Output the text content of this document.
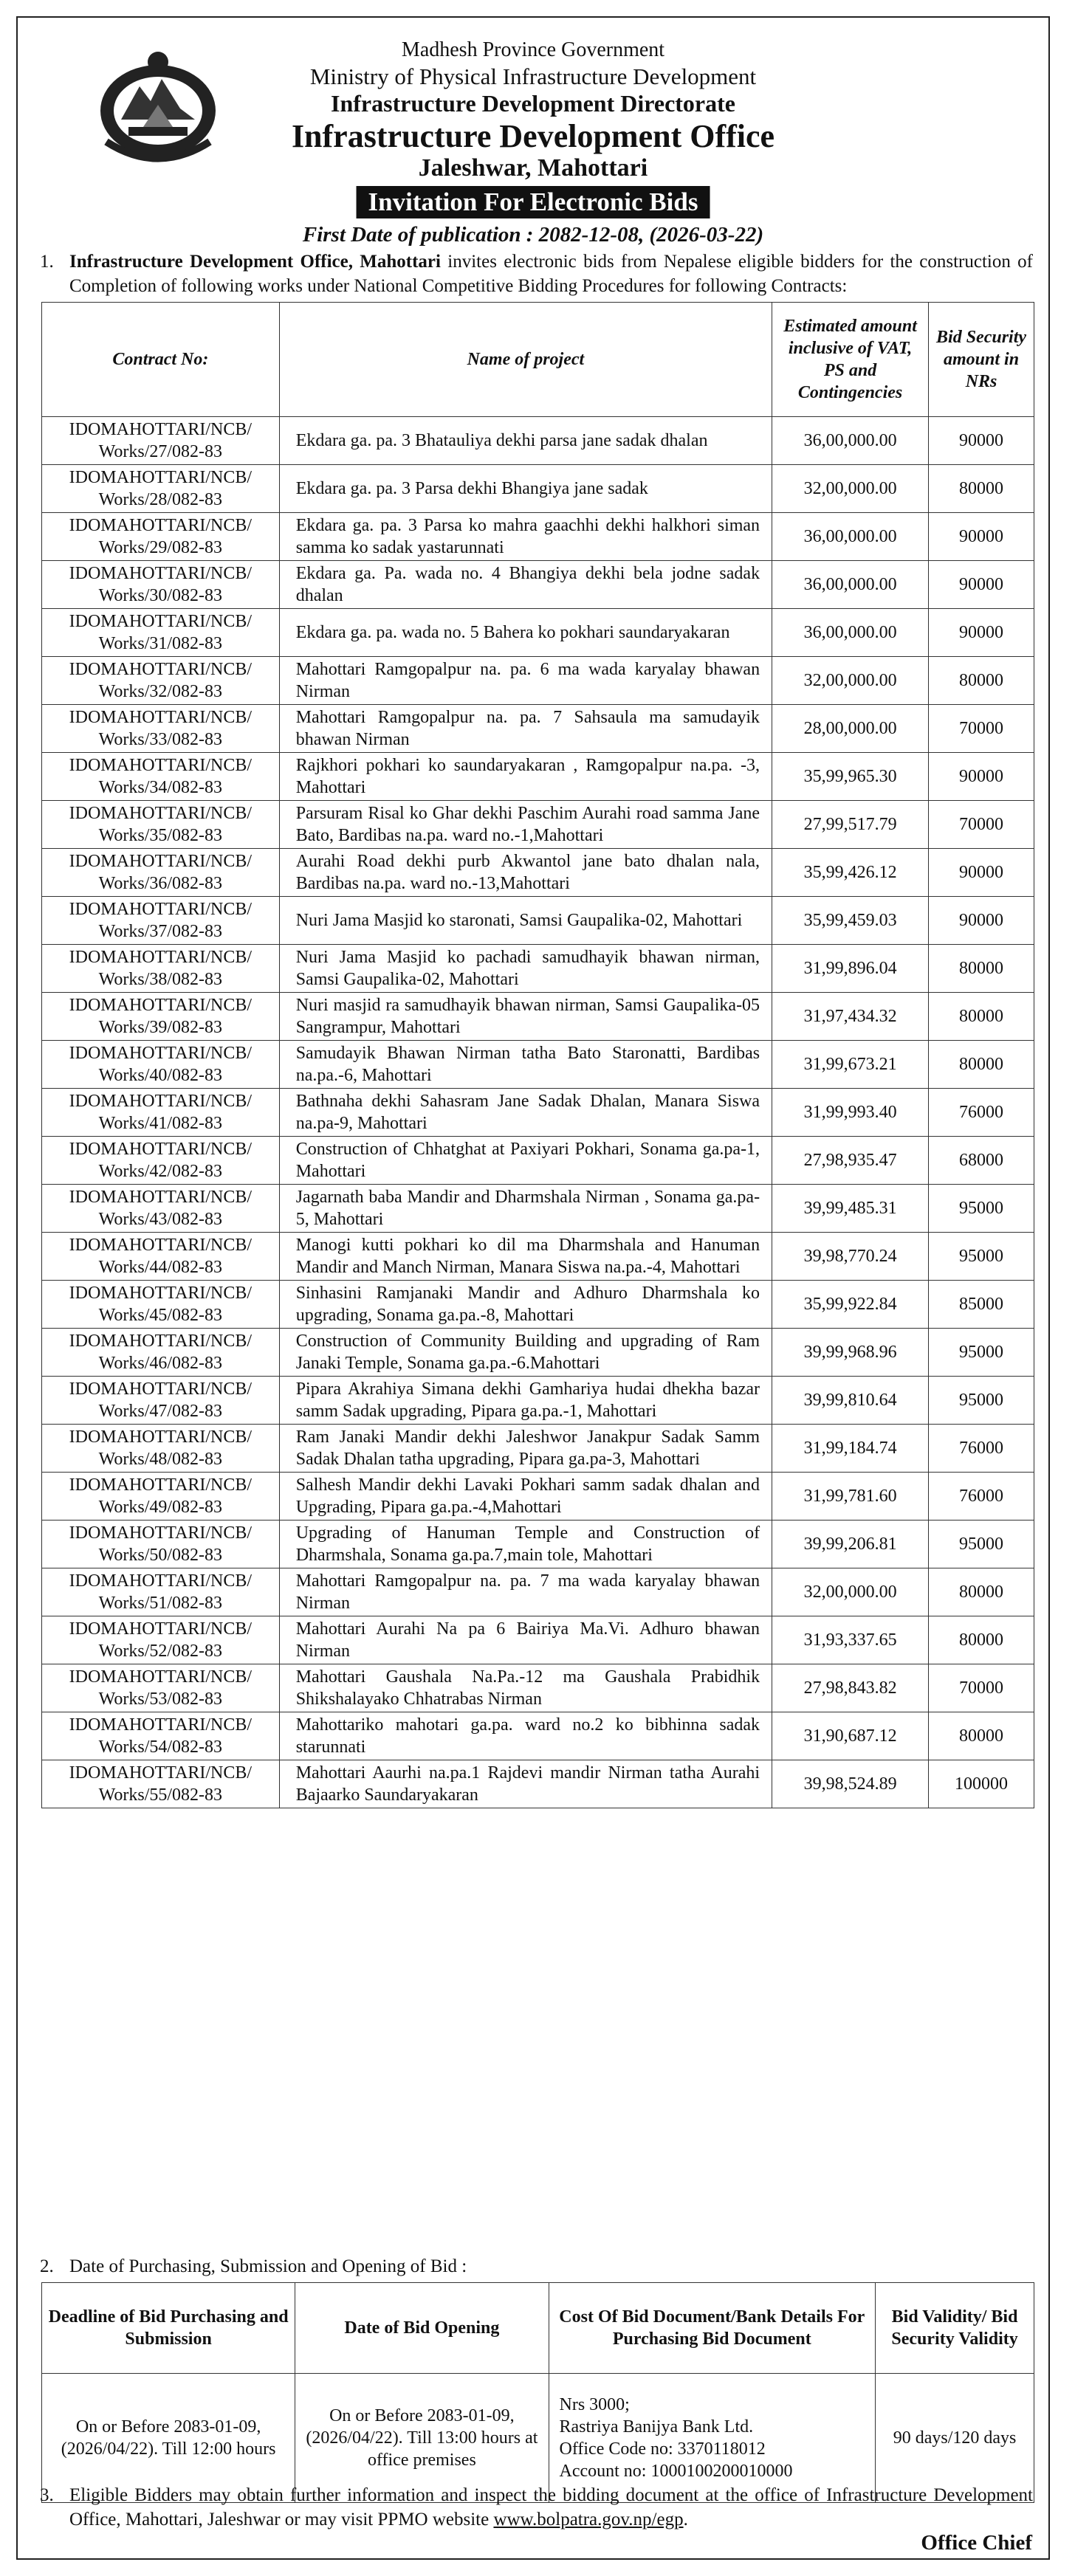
Madhesh Province Government
Ministry of Physical Infrastructure Development
Infrastructure Development Directorate
Infrastructure Development Office
Jaleshwar, Mahottari
Invitation For Electronic Bids
First Date of publication : 2082-12-08, (2026-03-22)
1. Infrastructure Development Office, Mahottari invites electronic bids from Nepalese eligible bidders for the construction of Completion of following works under National Competitive Bidding Procedures for following Contracts:
Contract No:	Name of project	Estimated amount inclusive of VAT, PS and Contingencies	Bid Security amount in NRs
IDOMAHOTTARI/NCB/ Works/27/082-83	Ekdara ga. pa. 3 Bhatauliya dekhi parsa jane sadak dhalan	36,00,000.00	90000
IDOMAHOTTARI/NCB/ Works/28/082-83	Ekdara ga. pa. 3 Parsa dekhi Bhangiya jane sadak	32,00,000.00	80000
IDOMAHOTTARI/NCB/ Works/29/082-83	Ekdara ga. pa. 3 Parsa ko mahra gaachhi dekhi halkhori siman samma ko sadak yastarunnati	36,00,000.00	90000
IDOMAHOTTARI/NCB/ Works/30/082-83	Ekdara ga. Pa. wada no. 4 Bhangiya dekhi bela jodne sadak dhalan	36,00,000.00	90000
IDOMAHOTTARI/NCB/ Works/31/082-83	Ekdara ga. pa. wada no. 5 Bahera ko pokhari saundaryakaran	36,00,000.00	90000
IDOMAHOTTARI/NCB/ Works/32/082-83	Mahottari Ramgopalpur na. pa. 6 ma wada karyalay bhawan Nirman	32,00,000.00	80000
IDOMAHOTTARI/NCB/ Works/33/082-83	Mahottari Ramgopalpur na. pa. 7 Sahsaula ma samudayik bhawan Nirman	28,00,000.00	70000
IDOMAHOTTARI/NCB/ Works/34/082-83	Rajkhori pokhari ko saundaryakaran , Ramgopalpur na.pa. -3, Mahottari	35,99,965.30	90000
IDOMAHOTTARI/NCB/ Works/35/082-83	Parsuram Risal ko Ghar dekhi Paschim Aurahi road samma Jane Bato, Bardibas na.pa. ward no.-1,Mahottari	27,99,517.79	70000
IDOMAHOTTARI/NCB/ Works/36/082-83	Aurahi Road dekhi purb Akwantol jane bato dhalan nala, Bardibas na.pa. ward no.-13,Mahottari	35,99,426.12	90000
IDOMAHOTTARI/NCB/ Works/37/082-83	Nuri Jama Masjid ko staronati, Samsi Gaupalika-02, Mahottari	35,99,459.03	90000
IDOMAHOTTARI/NCB/ Works/38/082-83	Nuri Jama Masjid ko pachadi samudhayik bhawan nirman, Samsi Gaupalika-02, Mahottari	31,99,896.04	80000
IDOMAHOTTARI/NCB/ Works/39/082-83	Nuri masjid ra samudhayik bhawan nirman, Samsi Gaupalika-05 Sangrampur, Mahottari	31,97,434.32	80000
IDOMAHOTTARI/NCB/ Works/40/082-83	Samudayik Bhawan Nirman tatha Bato Staronatti, Bardibas na.pa.-6, Mahottari	31,99,673.21	80000
IDOMAHOTTARI/NCB/ Works/41/082-83	Bathnaha dekhi Sahasram Jane Sadak Dhalan, Manara Siswa na.pa-9, Mahottari	31,99,993.40	76000
IDOMAHOTTARI/NCB/ Works/42/082-83	Construction of Chhatghat at Paxiyari Pokhari, Sonama ga.pa-1, Mahottari	27,98,935.47	68000
IDOMAHOTTARI/NCB/ Works/43/082-83	Jagarnath baba Mandir and Dharmshala Nirman , Sonama ga.pa-5, Mahottari	39,99,485.31	95000
IDOMAHOTTARI/NCB/ Works/44/082-83	Manogi kutti pokhari ko dil ma Dharmshala and Hanuman Mandir and Manch Nirman, Manara Siswa na.pa.-4, Mahottari	39,98,770.24	95000
IDOMAHOTTARI/NCB/ Works/45/082-83	Sinhasini Ramjanaki Mandir and Adhuro Dharmshala ko upgrading, Sonama ga.pa.-8, Mahottari	35,99,922.84	85000
IDOMAHOTTARI/NCB/ Works/46/082-83	Construction of Community Building and upgrading of Ram Janaki Temple, Sonama ga.pa.-6.Mahottari	39,99,968.96	95000
IDOMAHOTTARI/NCB/ Works/47/082-83	Pipara Akrahiya Simana dekhi Gamhariya hudai dhekha bazar samm Sadak upgrading, Pipara ga.pa.-1, Mahottari	39,99,810.64	95000
IDOMAHOTTARI/NCB/ Works/48/082-83	Ram Janaki Mandir dekhi Jaleshwor Janakpur Sadak Samm Sadak Dhalan tatha upgrading, Pipara ga.pa-3, Mahottari	31,99,184.74	76000
IDOMAHOTTARI/NCB/ Works/49/082-83	Salhesh Mandir dekhi Lavaki Pokhari samm sadak dhalan and Upgrading, Pipara ga.pa.-4,Mahottari	31,99,781.60	76000
IDOMAHOTTARI/NCB/ Works/50/082-83	Upgrading of Hanuman Temple and Construction of Dharmshala, Sonama ga.pa.7,main tole, Mahottari	39,99,206.81	95000
IDOMAHOTTARI/NCB/ Works/51/082-83	Mahottari Ramgopalpur na. pa. 7 ma wada karyalay bhawan Nirman	32,00,000.00	80000
IDOMAHOTTARI/NCB/ Works/52/082-83	Mahottari Aurahi Na pa 6 Bairiya Ma.Vi. Adhuro bhawan Nirman	31,93,337.65	80000
IDOMAHOTTARI/NCB/ Works/53/082-83	Mahottari Gaushala Na.Pa.-12 ma Gaushala Prabidhik Shikshalayako Chhatrabas Nirman	27,98,843.82	70000
IDOMAHOTTARI/NCB/ Works/54/082-83	Mahottariko mahotari ga.pa. ward no.2 ko bibhinna sadak starunnati	31,90,687.12	80000
IDOMAHOTTARI/NCB/ Works/55/082-83	Mahottari Aaurhi na.pa.1 Rajdevi mandir Nirman tatha Aurahi Bajaarko Saundaryakaran	39,98,524.89	100000
2. Date of Purchasing, Submission and Opening of Bid :
Deadline of Bid Purchasing and Submission	Date of Bid Opening	Cost Of Bid Document/Bank Details For Purchasing Bid Document	Bid Validity/ Bid Security Validity
On or Before 2083-01-09, (2026/04/22). Till 12:00 hours	On or Before 2083-01-09, (2026/04/22). Till 13:00 hours at office premises	Nrs 3000;
Rastriya Banijya Bank Ltd.
Office Code no: 3370118012
Account no: 1000100200010000	90 days/120 days
3. Eligible Bidders may obtain further information and inspect the bidding document at the office of Infrastructure Development Office, Mahottari, Jaleshwar or may visit PPMO website www.bolpatra.gov.np/egp.
Office Chief
